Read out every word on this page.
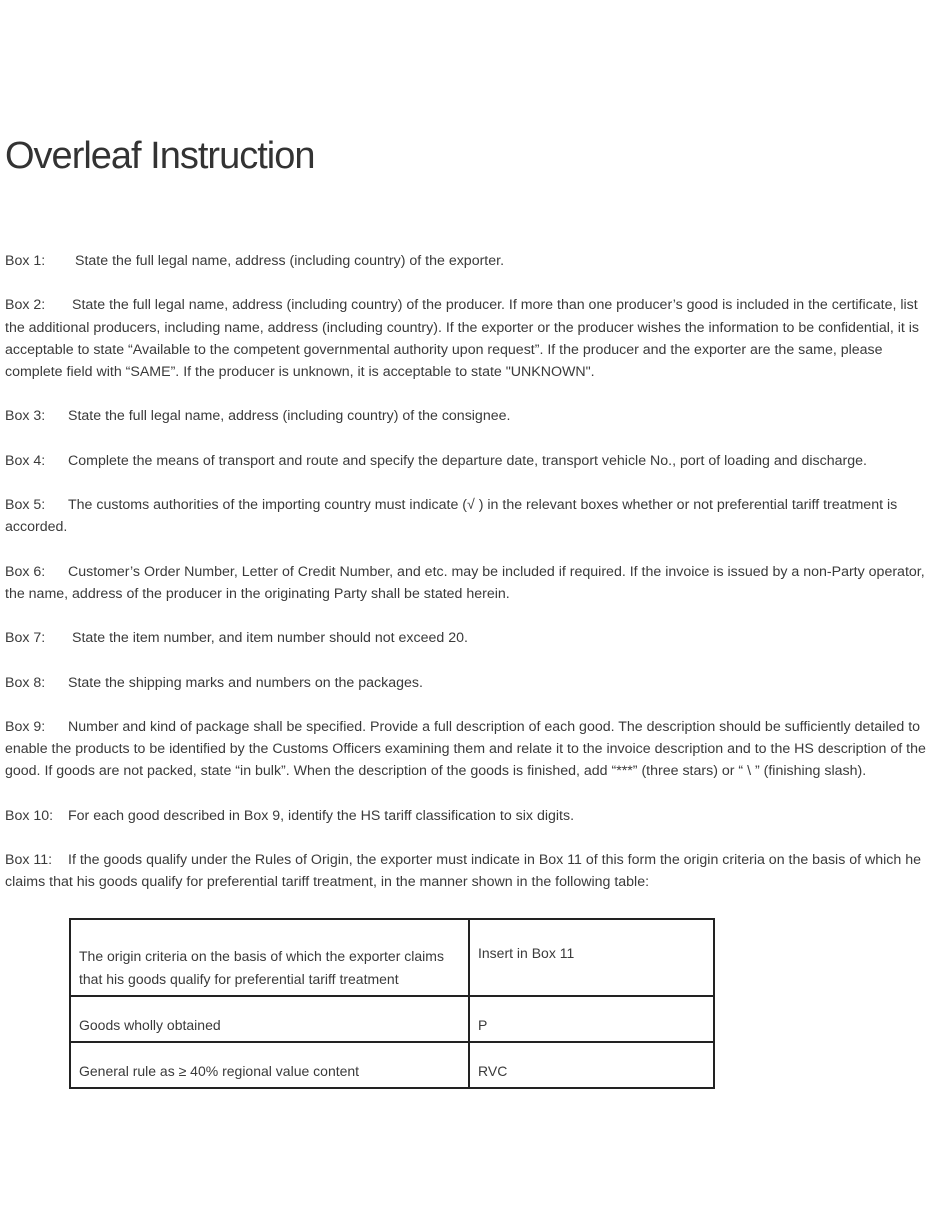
Overleaf Instruction

Box 1: State the full legal name, address (including country) of the exporter.

Box 2: State the full legal name, address (including country) of the producer. If more than one producer’s good is included in the certificate, list the additional producers, including name, address (including country). If the exporter or the producer wishes the information to be confidential, it is acceptable to state “Available to the competent governmental authority upon request”. If the producer and the exporter are the same, please complete field with “SAME”. If the producer is unknown, it is acceptable to state "UNKNOWN".

Box 3: State the full legal name, address (including country) of the consignee.

Box 4: Complete the means of transport and route and specify the departure date, transport vehicle No., port of loading and discharge.

Box 5: The customs authorities of the importing country must indicate (√ ) in the relevant boxes whether or not preferential tariff treatment is accorded.

Box 6: Customer’s Order Number, Letter of Credit Number, and etc. may be included if required. If the invoice is issued by a non-Party operator, the name, address of the producer in the originating Party shall be stated herein.

Box 7: State the item number, and item number should not exceed 20.

Box 8: State the shipping marks and numbers on the packages.

Box 9: Number and kind of package shall be specified. Provide a full description of each good. The description should be sufficiently detailed to enable the products to be identified by the Customs Officers examining them and relate it to the invoice description and to the HS description of the good. If goods are not packed, state “in bulk”. When the description of the goods is finished, add “***” (three stars) or “ \ ” (finishing slash).

Box 10: For each good described in Box 9, identify the HS tariff classification to six digits.

Box 11: If the goods qualify under the Rules of Origin, the exporter must indicate in Box 11 of this form the origin criteria on the basis of which he claims that his goods qualify for preferential tariff treatment, in the manner shown in the following table:

The origin criteria on the basis of which the exporter claims that his goods qualify for preferential tariff treatment	Insert in Box 11
Goods wholly obtained	P
General rule as ≥ 40% regional value content	RVC
